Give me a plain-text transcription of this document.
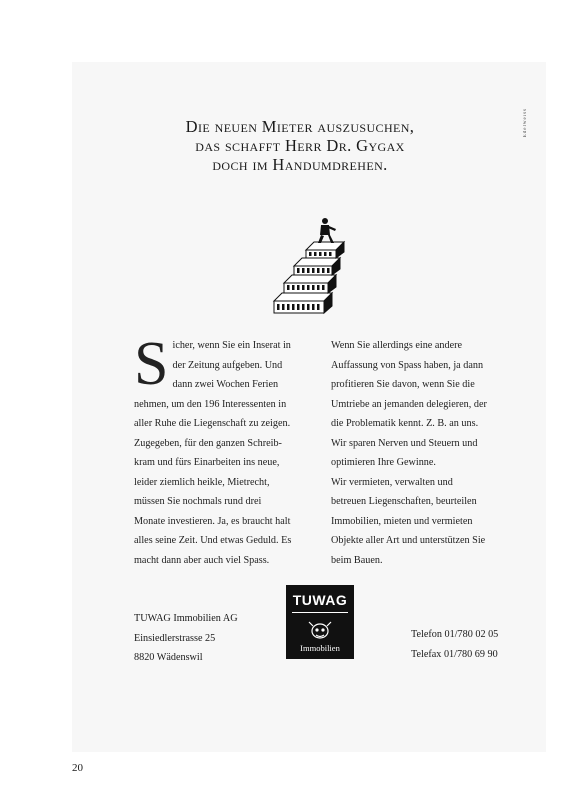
Edelweiss
Die neuen Mieter auszusuchen,
das schafft Herr Dr. Gygax
doch im Handumdrehen.
S icher, wenn Sie ein Inserat in
der Zeitung aufgeben. Und
dann zwei Wochen Ferien
nehmen, um den 196 Interessenten in
aller Ruhe die Liegenschaft zu zeigen.
Zugegeben, für den ganzen Schreib-
kram und fürs Einarbeiten ins neue,
leider ziemlich heikle, Mietrecht,
müssen Sie nochmals rund drei
Monate investieren. Ja, es braucht halt
alles seine Zeit. Und etwas Geduld. Es
macht dann aber auch viel Spass.

Wenn Sie allerdings eine andere
Auffassung von Spass haben, ja dann
profitieren Sie davon, wenn Sie die
Umtriebe an jemanden delegieren, der
die Problematik kennt. Z. B. an uns.
Wir sparen Nerven und Steuern und
optimieren Ihre Gewinne.
Wir vermieten, verwalten und
betreuen Liegenschaften, beurteilen
Immobilien, mieten und vermieten
Objekte aller Art und unterstützen Sie
beim Bauen.

TUWAG Immobilien AG
Einsiedlerstrasse 25
8820 Wädenswil
TUWAG
Immobilien
Telefon 01/780 02 05
Telefax 01/780 69 90
20
